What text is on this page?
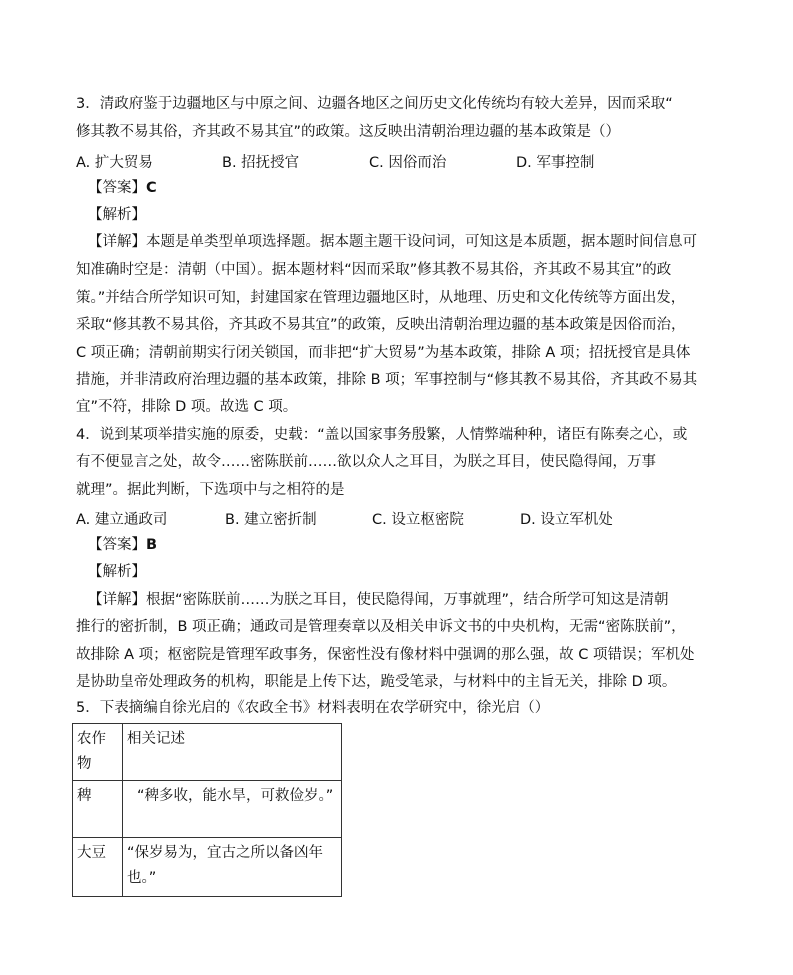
3．清政府鉴于边疆地区与中原之间、边疆各地区之间历史文化传统均有较大差异，因而采取“
修其教不易其俗，齐其政不易其宜”的政策。这反映出清朝治理边疆的基本政策是（）
A. 扩大贸易	B. 招抚授官	C. 因俗而治	D. 军事控制
【答案】C
【解析】
【详解】本题是单类型单项选择题。据本题主题干设问词，可知这是本质题，据本题时间信息可
知准确时空是：清朝（中国）。据本题材料“因而采取”修其教不易其俗，齐其政不易其宜”的政
策。”并结合所学知识可知，封建国家在管理边疆地区时，从地理、历史和文化传统等方面出发，
采取“修其教不易其俗，齐其政不易其宜”的政策，反映出清朝治理边疆的基本政策是因俗而治，
C 项正确；清朝前期实行闭关锁国，而非把“扩大贸易”为基本政策，排除 A 项；招抚授官是具体
措施，并非清政府治理边疆的基本政策，排除 B 项；军事控制与“修其教不易其俗，齐其政不易其
宜”不符，排除 D 项。故选 C 项。
4．说到某项举措实施的原委，史载：“盖以国家事务殷繁，人情弊端种种，诸臣有陈奏之心，或
有不便显言之处，故令……密陈朕前……欲以众人之耳目，为朕之耳目，使民隐得闻，万事
就理”。据此判断，下选项中与之相符的是
A. 建立通政司	B. 建立密折制	C. 设立枢密院	D. 设立军机处
【答案】B
【解析】
【详解】根据“密陈朕前……为朕之耳目，使民隐得闻，万事就理”，结合所学可知这是清朝
推行的密折制，B 项正确；通政司是管理奏章以及相关申诉文书的中央机构，无需“密陈朕前”，
故排除 A 项；枢密院是管理军政事务，保密性没有像材料中强调的那么强，故 C 项错误；军机处
是协助皇帝处理政务的机构，职能是上传下达，跪受笔录，与材料中的主旨无关，排除 D 项。
5．下表摘编自徐光启的《农政全书》材料表明在农学研究中，徐光启（）
农作物	相关记述
稗	“稗多收，能水旱，可救俭岁。”
大豆	“保岁易为，宜古之所以备凶年也。”
